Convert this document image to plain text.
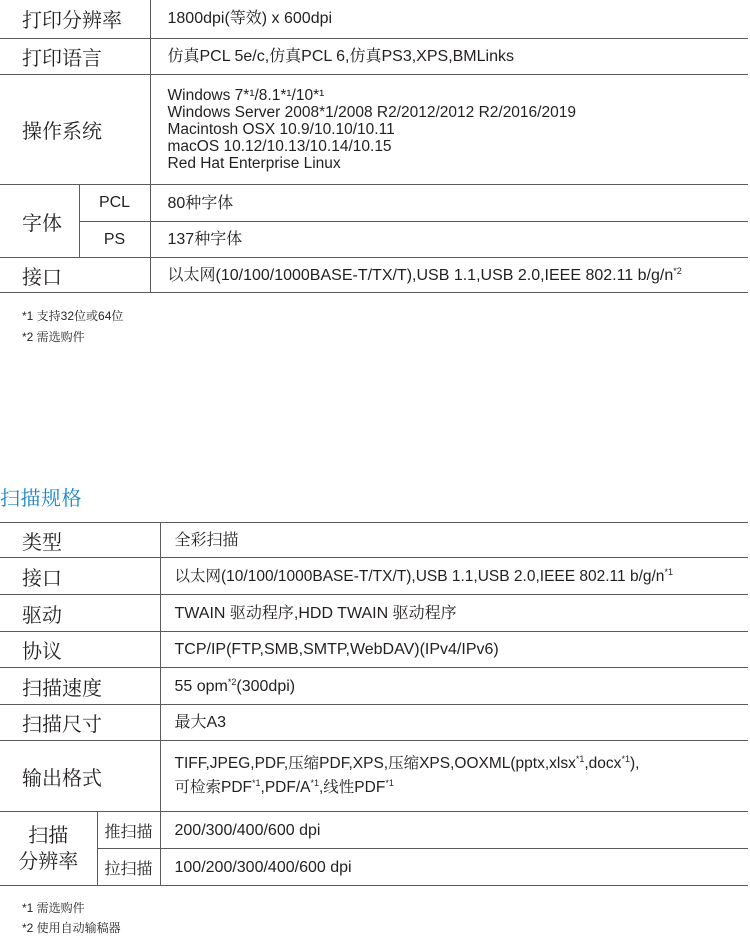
打印分辨率		1800dpi(等效) x 600dpi
打印语言		仿真PCL 5e/c,仿真PCL 6,仿真PS3,XPS,BMLinks
操作系统		Windows 7*¹/8.1*¹/10*¹
Windows Server 2008*1/2008 R2/2012/2012 R2/2016/2019
Macintosh OSX 10.9/10.10/10.11
macOS 10.12/10.13/10.14/10.15
Red Hat Enterprise Linux

字体	PCL	80种字体
	PS	137种字体
接口		以太网(10/100/1000BASE-T/TX/T),USB 1.1,USB 2.0,IEEE 802.11 $b/g/n^{*2}$
*1 支持32位或64位
*2 需选购件
扫描规格
类型		全彩扫描
接口		以太网(10/100/1000BASE-T/TX/T),USB 1.1,USB 2.0,IEEE 802.11 $b/g/n^{*1}$
驱动		TWAIN 驱动程序,HDD TWAIN 驱动程序
协议		TCP/IP(FTP,SMB,SMTP,WebDAV)(IPv4/IPv6)
扫描速度		55 opm$^{*2}$(300dpi)
扫描尺寸		最大A3
输出格式		TIFF,JPEG,PDF,压缩PDF,XPS,压缩XPS,OOXML(pptx,xlsx$^{*1}$,docx$^{*1}$),
可检索$PDF^{*1},PDF/A^{*1}$,线性PDF$^{*1}$

扫描
分辨率	推扫描	200/300/400/600 dpi
	拉扫描	100/200/300/400/600 dpi
*1 需选购件
*2 使用自动输稿器
